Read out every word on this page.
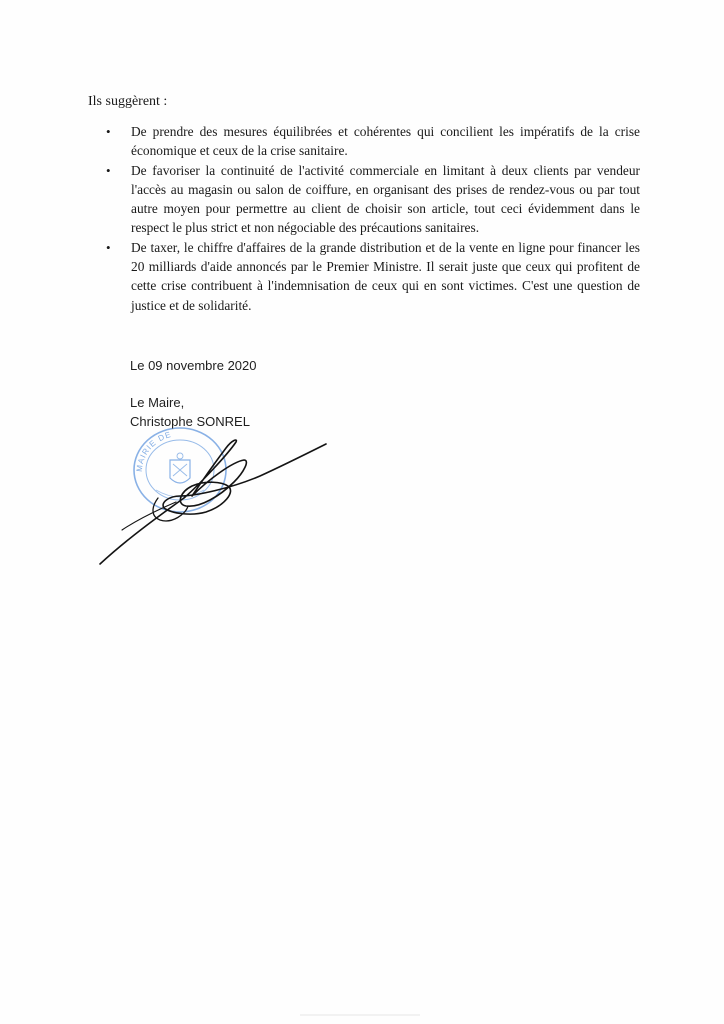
Ils suggèrent :
• De prendre des mesures équilibrées et cohérentes qui concilient les impératifs de la crise économique et ceux de la crise sanitaire.
• De favoriser la continuité de l'activité commerciale en limitant à deux clients par vendeur l'accès au magasin ou salon de coiffure, en organisant des prises de rendez-vous ou par tout autre moyen pour permettre au client de choisir son article, tout ceci évidemment dans le respect le plus strict et non négociable des précautions sanitaires.
• De taxer, le chiffre d'affaires de la grande distribution et de la vente en ligne pour financer les 20 milliards d'aide annoncés par le Premier Ministre. Il serait juste que ceux qui profitent de cette crise contribuent à l'indemnisation de ceux qui en sont victimes. C'est une question de justice et de solidarité.
Le 09 novembre 2020
Le Maire,
MAIRIE DE
Christophe SONREL
